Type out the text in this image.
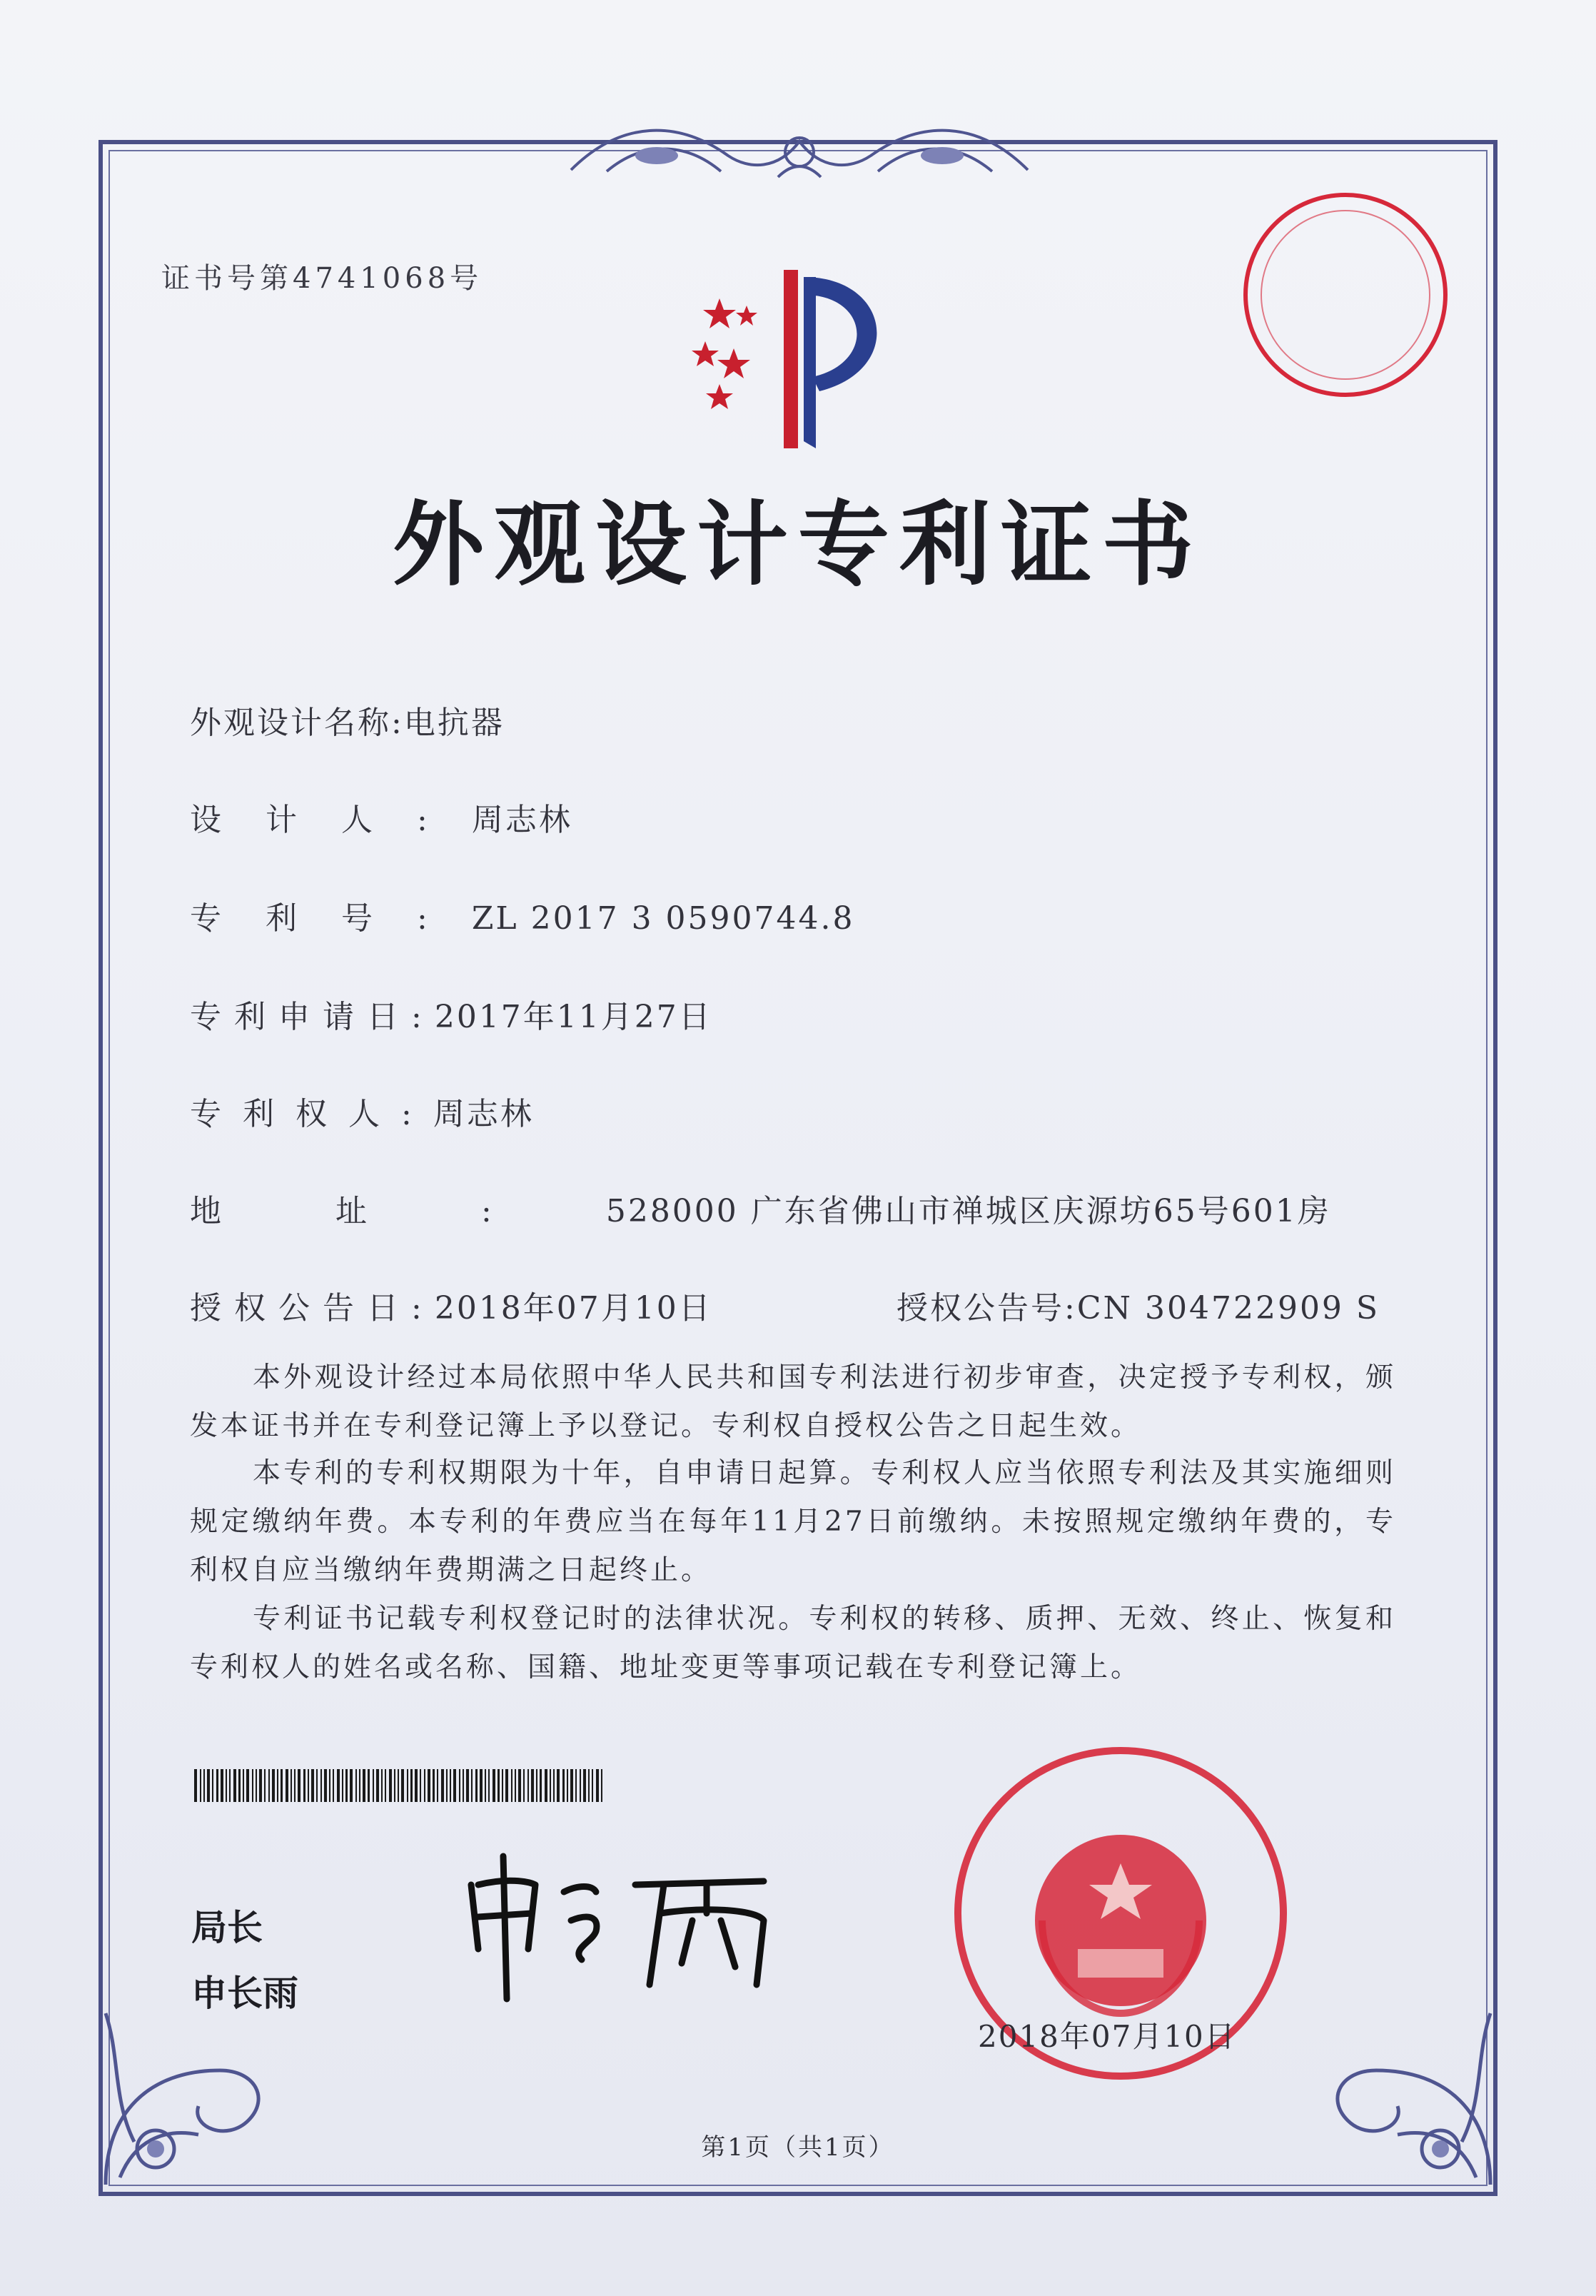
证书号第4741068号
外观设计专利证书
外观设计名称:电抗器
设计人:周志林
专利号:ZL 2017 3 0590744.8
专利申请日:2017年11月27日
专利权人:周志林
地址:528000 广东省佛山市禅城区庆源坊65号601房
授权公告日:2018年07月10日	授权公告号:CN 304722909 S
本外观设计经过本局依照中华人民共和国专利法进行初步审查，决定授予专利权，颁发本证书并在专利登记簿上予以登记。专利权自授权公告之日起生效。
本专利的专利权期限为十年，自申请日起算。专利权人应当依照专利法及其实施细则规定缴纳年费。本专利的年费应当在每年11月27日前缴纳。未按照规定缴纳年费的，专利权自应当缴纳年费期满之日起终止。
专利证书记载专利权登记时的法律状况。专利权的转移、质押、无效、终止、恢复和专利权人的姓名或名称、国籍、地址变更等事项记载在专利登记簿上。
局长
申长雨
2018年07月10日
第1页（共1页）
